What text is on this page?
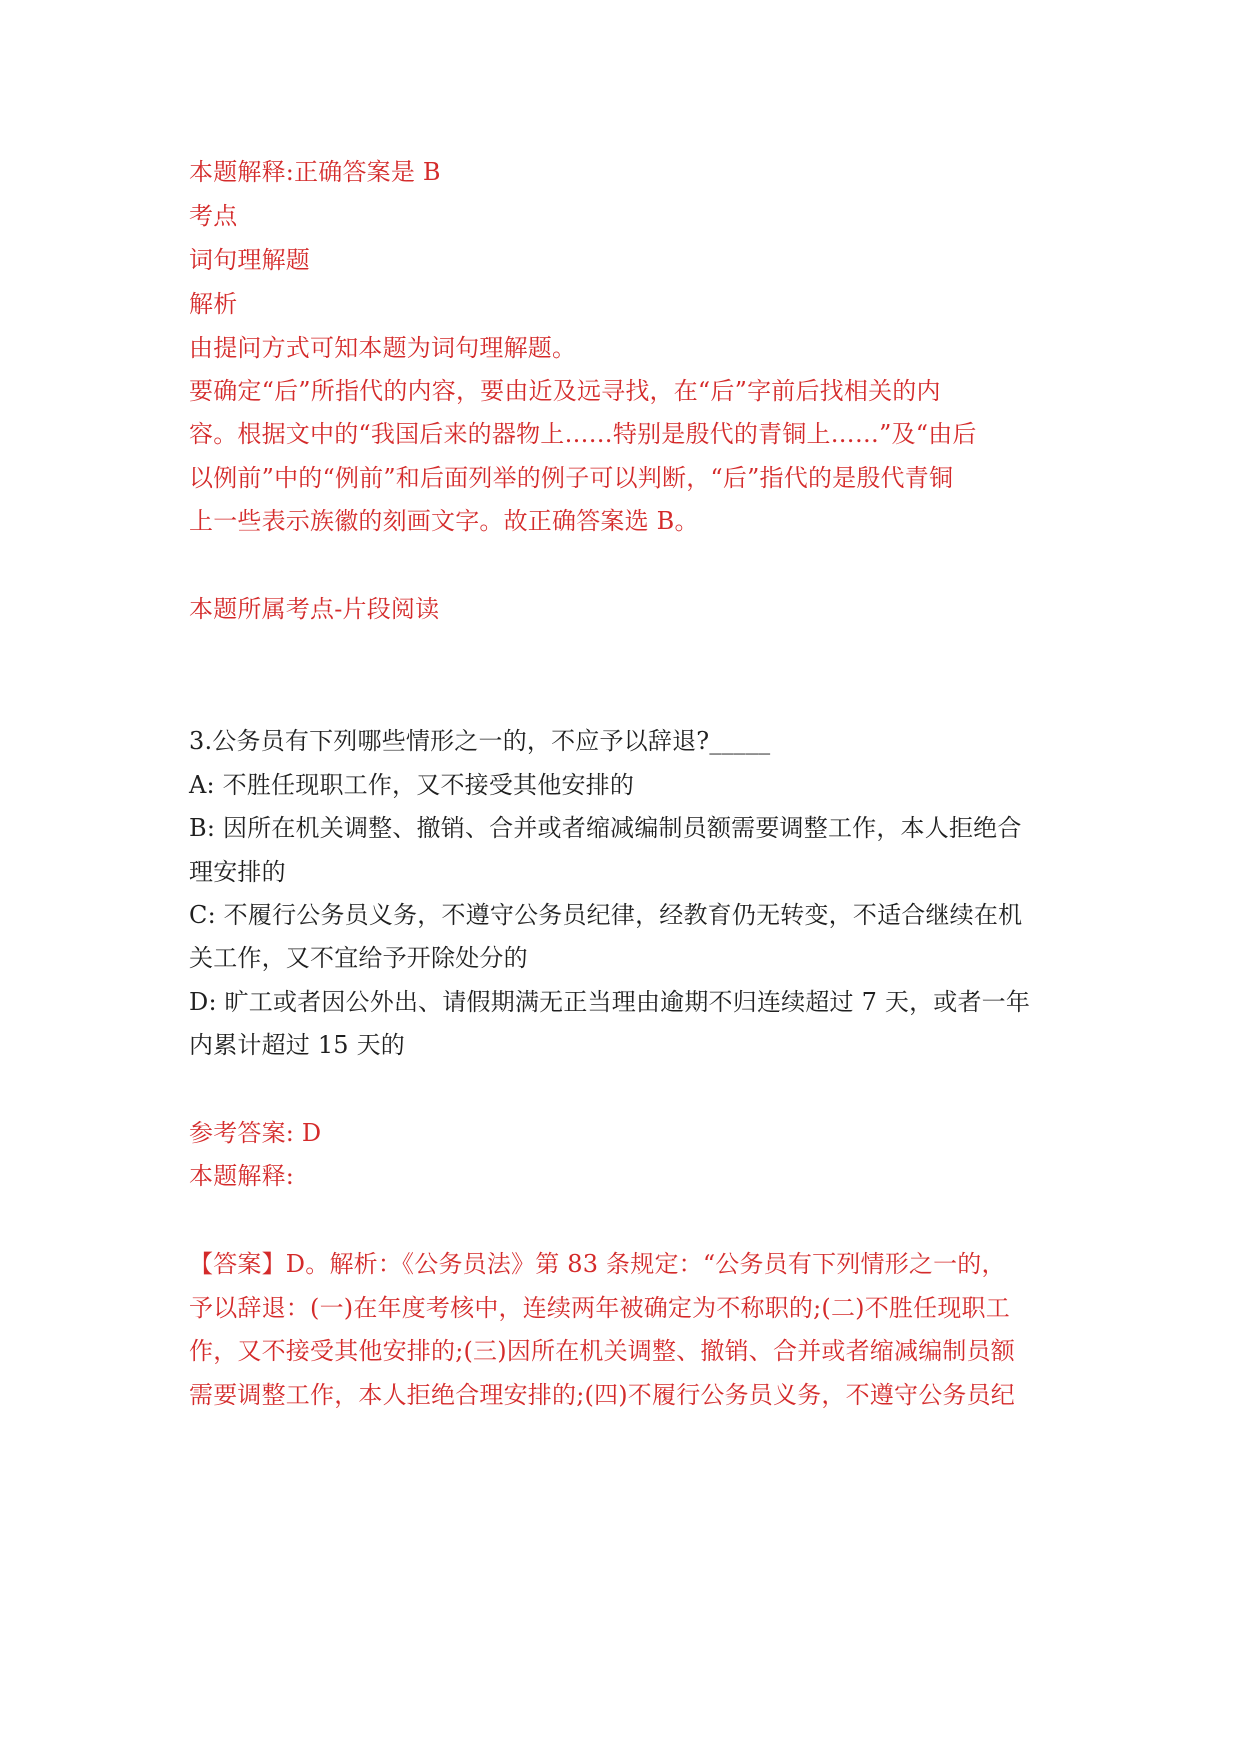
本题解释:正确答案是 B
考点
词句理解题
解析
由提问方式可知本题为词句理解题。
要确定“后”所指代的内容，要由近及远寻找，在“后”字前后找相关的内
容。根据文中的“我国后来的器物上……特别是殷代的青铜上……”及“由后
以例前”中的“例前”和后面列举的例子可以判断，“后”指代的是殷代青铜
上一些表示族徽的刻画文字。故正确答案选 B。
本题所属考点-片段阅读
3.公务员有下列哪些情形之一的，不应予以辞退?_____
A: 不胜任现职工作，又不接受其他安排的
B: 因所在机关调整、撤销、合并或者缩减编制员额需要调整工作，本人拒绝合
理安排的
C: 不履行公务员义务，不遵守公务员纪律，经教育仍无转变，不适合继续在机
关工作，又不宜给予开除处分的
D: 旷工或者因公外出、请假期满无正当理由逾期不归连续超过 7 天，或者一年
内累计超过 15 天的
参考答案: D
本题解释:
【答案】D。解析：《公务员法》第 83 条规定：“公务员有下列情形之一的，
予以辞退：(一)在年度考核中，连续两年被确定为不称职的;(二)不胜任现职工
作，又不接受其他安排的;(三)因所在机关调整、撤销、合并或者缩减编制员额
需要调整工作，本人拒绝合理安排的;(四)不履行公务员义务，不遵守公务员纪
